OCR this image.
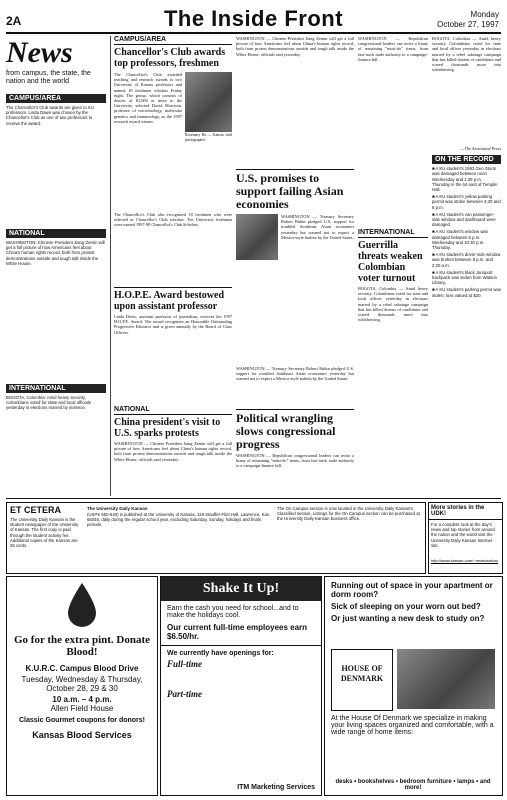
2A	The Inside Front	Monday
October 27, 1997
News
from campus, the state, the nation and the world
CAMPUS/AREA
The Chancellor's Club awards are given to KU professors. Linda Dawn was chosen by the Chancellor's Club as one of two professors to receive the award.
NATIONAL
WASHINGTON: Chinese President Jiang Zemin will get a full picture of how Americans feel about China's human rights record, both from protest demonstrations outside and tough talk inside the White House.
INTERNATIONAL
BOGOTA, Colombia: Amid heavy security, Colombians voted for state and local officials yesterday in elections marred by violence.
CAMPUS/AREA
Chancellor's Club awards top professors, freshmen
The Chancellor's Club awarded teaching and research awards to two University of Kansas professors and named 18 freshmen scholars Friday night. The group, which consists of donors of $1,000 or more to the University, selected David Morrison, professor of microbiology, molecular genetics and immunology, as the 1997 research award winner.
Rosemary Hu — Kansas staff photographer
The Chancellor's Club also recognized 18 freshmen who were selected as Chancellor's Club scholars. Ten University freshmen were named 1997-98 Chancellor's Club Scholars.
H.O.P.E. Award bestowed upon assistant professor
Linda Davis, assistant professor of journalism, receives the 1997 H.O.P.E. Award. The award recognizes an Honorable Outstanding Progressive Educator and is given annually by the Board of Class Officers.
NATIONAL
China president's visit to U.S. sparks protests
WASHINGTON — Chinese President Jiang Zemin will get a full picture of how Americans feel about China's human rights record, both from protest demonstrations outside and tough talk inside the White House, officials said yesterday.
WASHINGTON — Chinese President Jiang Zemin will get a full picture of how Americans feel about China's human rights record, both from protest demonstrations outside and tough talk inside the White House, officials said yesterday.
U.S. promises to support failing Asian economies
WASHINGTON — Treasury Secretary Robert Rubin pledged U.S. support for troubled Southeast Asian economies yesterday but warned not to expect a Mexico-style bailout by the United States.
WASHINGTON — Treasury Secretary Robert Rubin pledged U.S. support for troubled Southeast Asian economies yesterday but warned not to expect a Mexico-style bailout by the United States.
Political wrangling slows congressional progress
WASHINGTON — Republican congressional leaders can recite a litany of remaining "must-do" items, from fast-track trade authority to a campaign-finance bill.
WASHINGTON — Republican congressional leaders can recite a litany of remaining "must-do" items, from fast-track trade authority to a campaign-finance bill.
INTERNATIONAL
Guerrilla threats weaken Colombian voter turnout
BOGOTA, Colombia — Amid heavy security, Colombians voted for state and local offices yesterday in elections marred by a rebel sabotage campaign that has killed dozens of candidates and scared thousands more into withdrawing.
BOGOTA, Colombia — Amid heavy security, Colombians voted for state and local offices yesterday in elections marred by a rebel sabotage campaign that has killed dozens of candidates and scared thousands more into withdrawing.
— The Associated Press
ON THE RECORD
■ A KU student's 1993 Geo Storm was damaged between noon Wednesday and 1:39 p.m. Thursday in the lot east of Templin Hall.
■ A KU student's yellow parking permit was stolen between 4:30 and 6 p.m.
■ A KU student's van passenger-side window and dashboard were damaged.
■ A KU student's window was damaged between 6 p.m. Wednesday and 10:30 p.m. Thursday.
■ A KU student's driver-side window was broken between 8 p.m. and 2:20 a.m.
■ A KU student's black Jansport backpack was stolen from Watson Library.
■ A KU student's parking permit was stolen; loss valued at $20.
ET CETERA
The University Daily Kansan is the student newspaper of the University of Kansas. The first copy is paid through the student activity fee. Additional copies of the Kansan are 25 cents.
The University Daily Kansan
(USPS 650-640) is published at the University of Kansas, 119 Stauffer-Flint Hall, Lawrence, Kan. 66045, daily during the regular school year, excluding Saturday, Sunday, holidays and finals periods.
The On Campus section is now located in the University Daily Kansan's Classified section. Listings for the On Campus section can be purchased at the University Daily Kansan business office.
More stories in the UDK!
For a complete look at the day's news and top stories from around the nation and the world visit the University Daily Kansan Internet site.
http://www.kansan.com/~news/nation/
Go for the extra pint. Donate Blood!
K.U.R.C. Campus Blood Drive
Tuesday, Wednesday & Thursday, October 28, 29 & 30
10 a.m. – 4 p.m.
Allen Field House
Classic Gourmet coupons for donors!
Kansas Blood Services
Shake It Up!
Earn the cash you need for school...and to make the holidays cool.
Our current full-time employees earn $6.50/hr.
We currently have openings for:
Full-time
Part-time
ITM Marketing Services
Running out of space in your apartment or dorm room?
Sick of sleeping on your worn out bed?
Or just wanting a new desk to study on?
HOUSE OF DENMARK
At the House Of Denmark we specialize in making your living spaces organized and comfortable, with a wide range of home items:
desks • bookshelves • bedroom furniture • lamps • and more!
